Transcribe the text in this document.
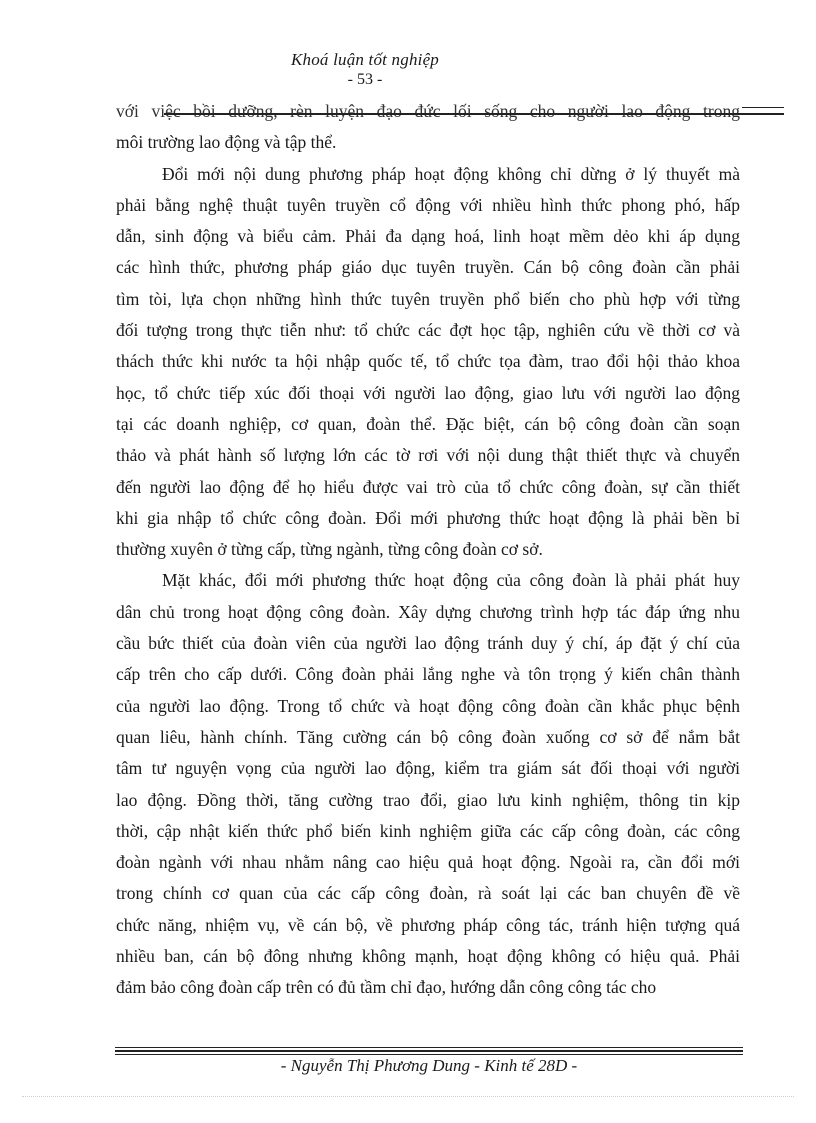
Khoá luận tốt nghiệp
- 53 -
với việc bồi dưỡng, rèn luyện đạo đức lối sống cho người lao động trong
môi trường lao động và tập thể.
Đổi mới nội dung phương pháp hoạt động không chỉ dừng ở lý thuyết mà
phải bằng nghệ thuật tuyên truyền cổ động với nhiều hình thức phong phó, hấp
dẫn, sinh động và biểu cảm. Phải đa dạng hoá, linh hoạt mềm dẻo khi áp dụng
các hình thức, phương pháp giáo dục tuyên truyền. Cán bộ công đoàn cần phải
tìm tòi, lựa chọn những hình thức tuyên truyền phổ biến cho phù hợp với từng
đối tượng trong thực tiễn như: tổ chức các đợt học tập, nghiên cứu về thời cơ và
thách thức khi nước ta hội nhập quốc tế, tổ chức tọa đàm, trao đổi hội thảo khoa
học, tổ chức tiếp xúc đối thoại với người lao động, giao lưu với người lao động
tại các doanh nghiệp, cơ quan, đoàn thể. Đặc biệt, cán bộ công đoàn cần soạn
thảo và phát hành số lượng lớn các tờ rơi với nội dung thật thiết thực và chuyển
đến người lao động để họ hiểu được vai trò của tổ chức công đoàn, sự cần thiết
khi gia nhập tổ chức công đoàn. Đổi mới phương thức hoạt động là phải bền bỉ
thường xuyên ở từng cấp, từng ngành, từng công đoàn cơ sở.
Mặt khác, đổi mới phương thức hoạt động của công đoàn là phải phát huy
dân chủ trong hoạt động công đoàn. Xây dựng chương trình hợp tác đáp ứng nhu
cầu bức thiết của đoàn viên của người lao động tránh duy ý chí, áp đặt ý chí của
cấp trên cho cấp dưới. Công đoàn phải lắng nghe và tôn trọng ý kiến chân thành
của người lao động. Trong tổ chức và hoạt động công đoàn cần khắc phục bệnh
quan liêu, hành chính. Tăng cường cán bộ công đoàn xuống cơ sở để nắm bắt
tâm tư nguyện vọng của người lao động, kiểm tra giám sát đối thoại với người
lao động. Đồng thời, tăng cường trao đổi, giao lưu kinh nghiệm, thông tin kịp
thời, cập nhật kiến thức phổ biến kinh nghiệm giữa các cấp công đoàn, các công
đoàn ngành với nhau nhằm nâng cao hiệu quả hoạt động. Ngoài ra, cần đổi mới
trong chính cơ quan của các cấp công đoàn, rà soát lại các ban chuyên đề về
chức năng, nhiệm vụ, về cán bộ, về phương pháp công tác, tránh hiện tượng quá
nhiều ban, cán bộ đông nhưng không mạnh, hoạt động không có hiệu quả. Phải
đảm bảo công đoàn cấp trên có đủ tầm chỉ đạo, hướng dẫn công công tác cho
- Nguyễn Thị Phương Dung - Kinh tế 28D -
